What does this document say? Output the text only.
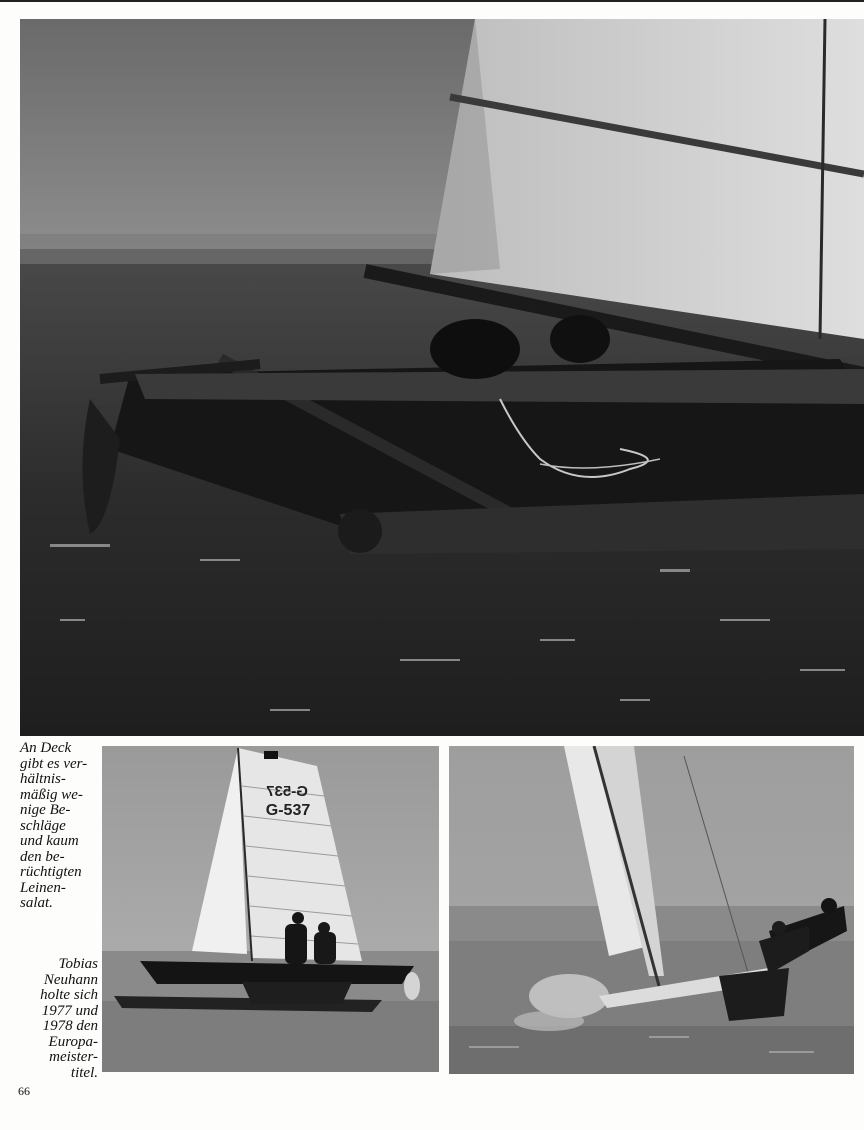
An Deck
gibt es ver-
hältnis-
mäßig we-
nige Be-
schläge
und kaum
den be-
rüchtigten
Leinen-
salat.

G-537
G-537

Tobias
Neuhann
holte sich
1977 und
1978 den
Europa-
meister-
titel.

66
